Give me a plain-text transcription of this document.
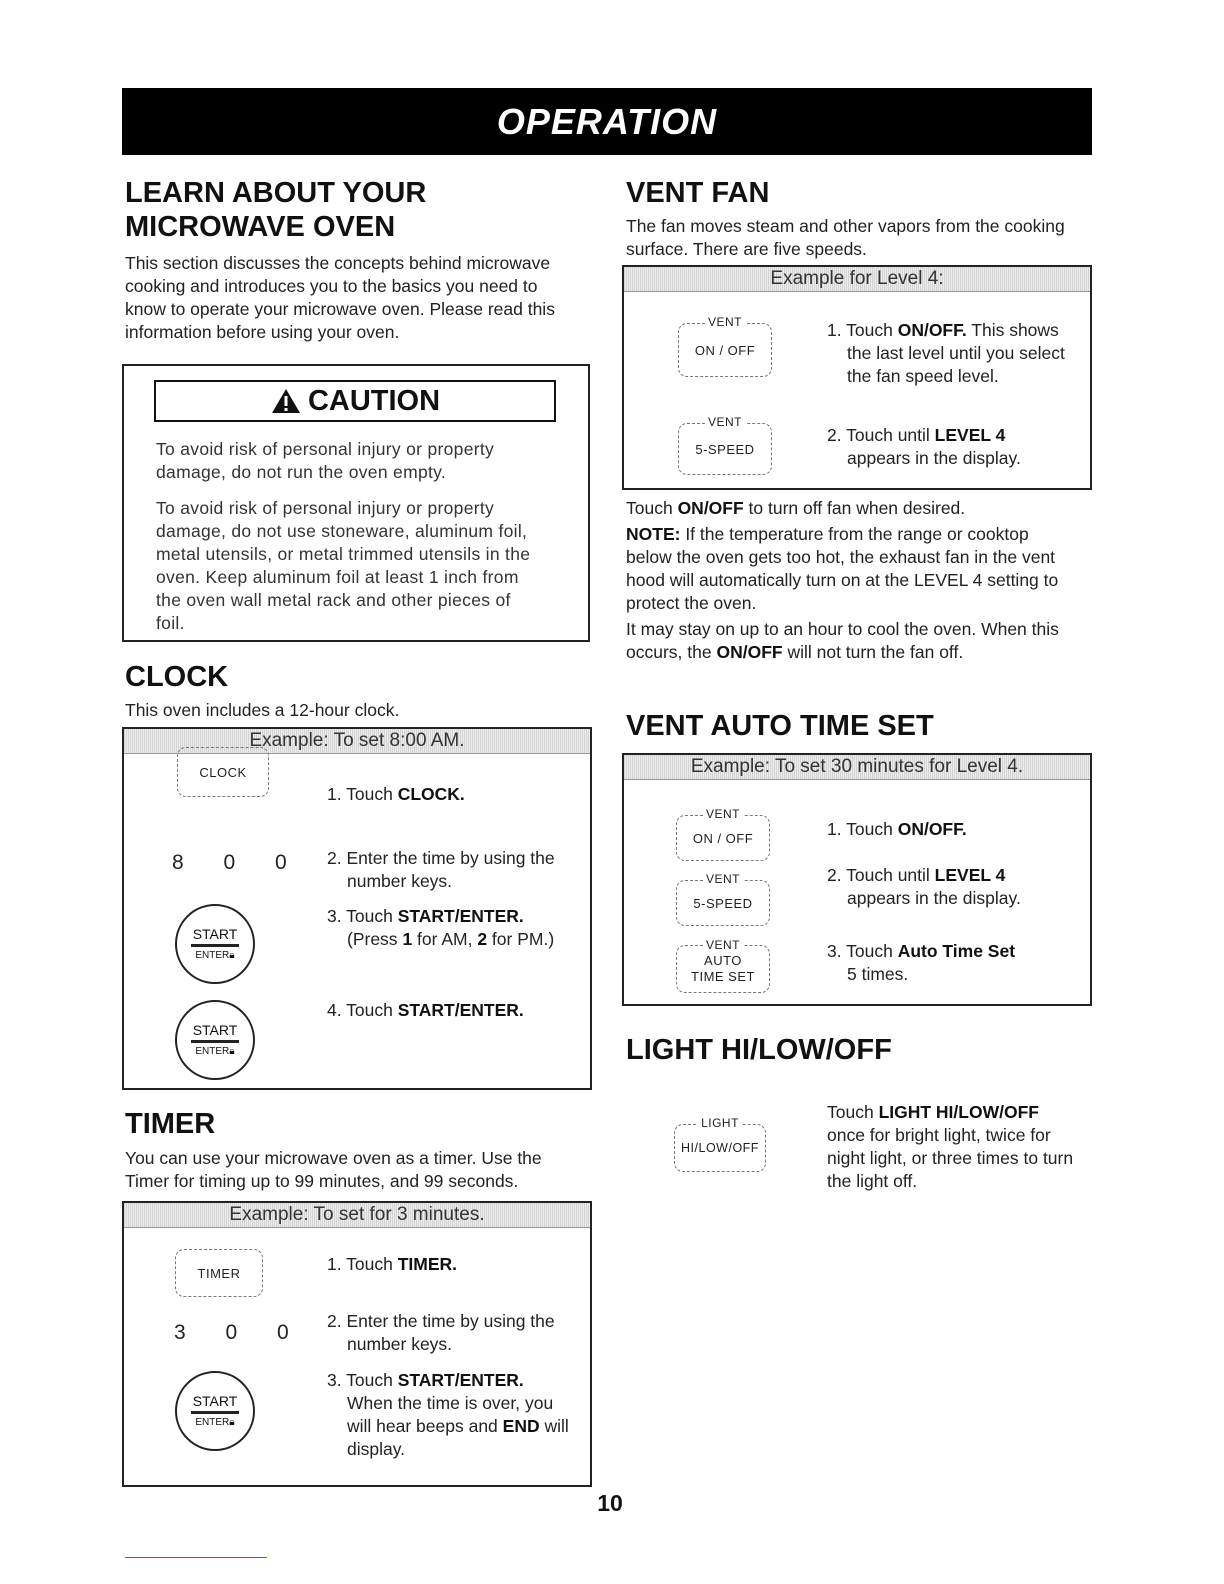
OPERATION
LEARN ABOUT YOUR
MICROWAVE OVEN
This section discusses the concepts behind microwave
cooking and introduces you to the basics you need to
know to operate your microwave oven. Please read this
information before using your oven.
CAUTION
To avoid risk of personal injury or property
damage, do not run the oven empty.
To avoid risk of personal injury or property
damage, do not use stoneware, aluminum foil,
metal utensils, or metal trimmed utensils in the
oven. Keep aluminum foil at least 1 inch from
the oven wall metal rack and other pieces of
foil.
CLOCK
This oven includes a 12-hour clock.
Example: To set 8:00 AM.
CLOCK
8 0 0
START
ENTER🔒︎
START
ENTER🔒︎
1. Touch CLOCK.
2. Enter the time by using the
number keys.
3. Touch START/ENTER.
(Press 1 for AM, 2 for PM.)
4. Touch START/ENTER.
TIMER
You can use your microwave oven as a timer. Use the
Timer for timing up to 99 minutes, and 99 seconds.
Example: To set for 3 minutes.
TIMER
3 0 0
START
ENTER🔒︎
1. Touch TIMER.
2. Enter the time by using the
number keys.
3. Touch START/ENTER.
When the time is over, you
will hear beeps and END will
display.
VENT FAN
The fan moves steam and other vapors from the cooking
surface. There are five speeds.
Example for Level 4:
VENT
ON / OFF
VENT
5-SPEED
1. Touch ON/OFF. This shows
the last level until you select
the fan speed level.
2. Touch until LEVEL 4
appears in the display.
Touch ON/OFF to turn off fan when desired.
NOTE: If the temperature from the range or cooktop
below the oven gets too hot, the exhaust fan in the vent
hood will automatically turn on at the LEVEL 4 setting to
protect the oven.
It may stay on up to an hour to cool the oven. When this
occurs, the ON/OFF will not turn the fan off.
VENT AUTO TIME SET
Example: To set 30 minutes for Level 4.
VENT
ON / OFF
VENT
5-SPEED
VENT
AUTO
TIME SET
1. Touch ON/OFF.
2. Touch until LEVEL 4
appears in the display.
3. Touch Auto Time Set
5 times.
LIGHT HI/LOW/OFF
LIGHT
HI/LOW/OFF
Touch LIGHT HI/LOW/OFF
once for bright light, twice for
night light, or three times to turn
the light off.
10
